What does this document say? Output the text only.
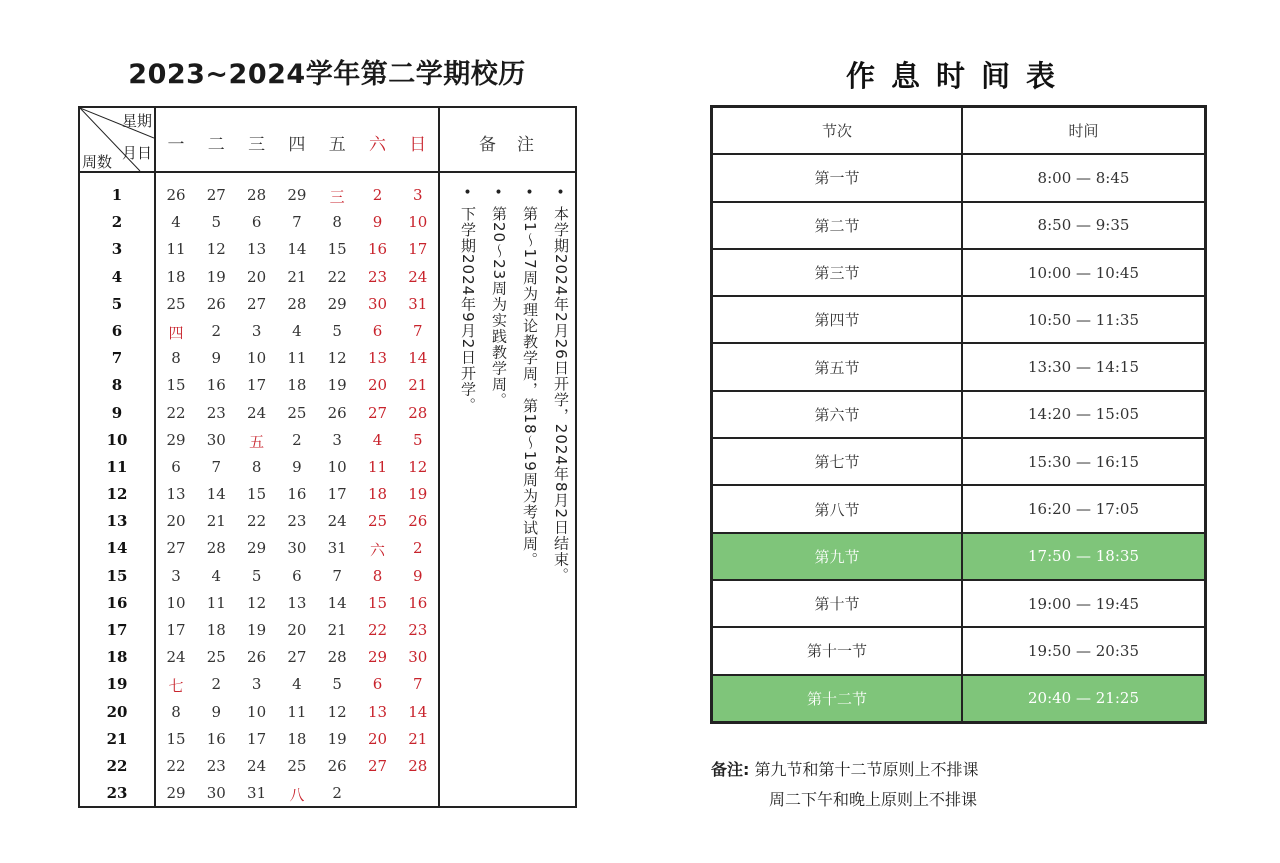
2023~2024学年第二学期校历
星期
月日
周数
一	二	三	四	五	六	日	备　注
1	26	27	28	29	三	2	3
2	4	5	6	7	8	9	10
3	11	12	13	14	15	16	17
4	18	19	20	21	22	23	24
5	25	26	27	28	29	30	31
6	四	2	3	4	5	6	7
7	8	9	10	11	12	13	14
8	15	16	17	18	19	20	21
9	22	23	24	25	26	27	28
10	29	30	五	2	3	4	5
11	6	7	8	9	10	11	12
12	13	14	15	16	17	18	19
13	20	21	22	23	24	25	26
14	27	28	29	30	31	六	2
15	3	4	5	6	7	8	9
16	10	11	12	13	14	15	16
17	17	18	19	20	21	22	23
18	24	25	26	27	28	29	30
19	七	2	3	4	5	6	7
20	8	9	10	11	12	13	14
21	15	16	17	18	19	20	21
22	22	23	24	25	26	27	28
23	29	30	31	八	2
•
本学期2024年2月26日开学，2024年8月2日结束。
•
第1～17周为理论教学周，第18～19周为考试周。
•
第20～23周为实践教学周。
•
下学期2024年9月2日开学。
作息时间表
节次	时间
第一节	8:00 — 8:45
第二节	8:50 — 9:35
第三节	10:00 — 10:45
第四节	10:50 — 11:35
第五节	13:30 — 14:15
第六节	14:20 — 15:05
第七节	15:30 — 16:15
第八节	16:20 — 17:05
第九节	17:50 — 18:35
第十节	19:00 — 19:45
第十一节	19:50 — 20:35
第十二节	20:40 — 21:25
备注: 第九节和第十二节原则上不排课
周二下午和晚上原则上不排课
